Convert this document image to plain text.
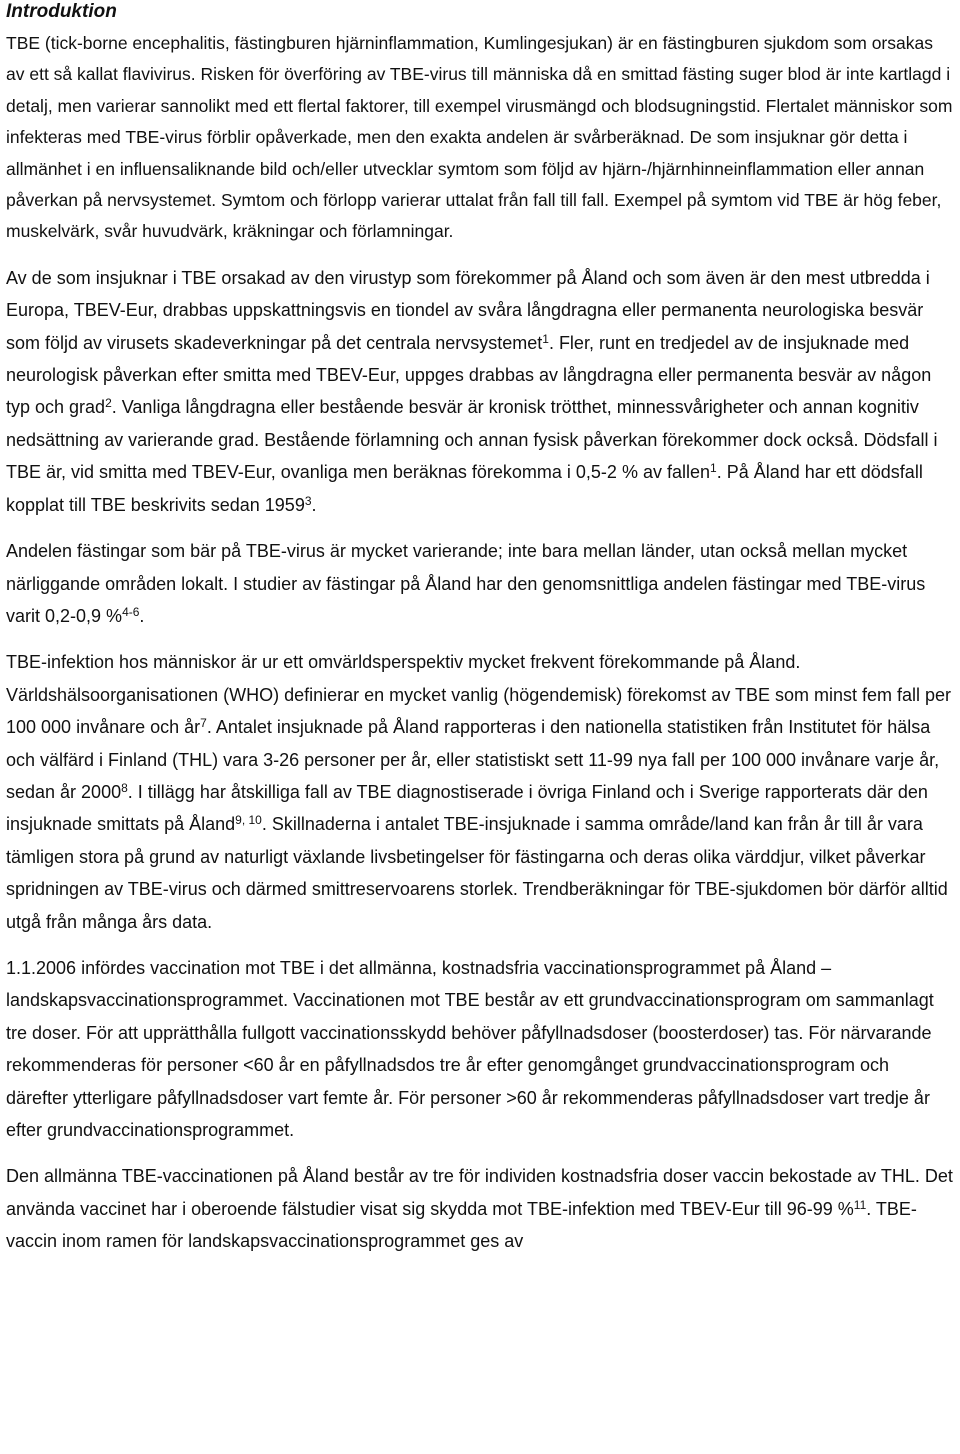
Introduktion

TBE (tick-borne encephalitis, fästingburen hjärninflammation, Kumlingesjukan) är en fästingburen sjukdom som orsakas av ett så kallat flavivirus. Risken för överföring av TBE-virus till människa då en smittad fästing suger blod är inte kartlagd i detalj, men varierar sannolikt med ett flertal faktorer, till exempel virusmängd och blodsugningstid. Flertalet människor som infekteras med TBE-virus förblir opåverkade, men den exakta andelen är svårberäknad. De som insjuknar gör detta i allmänhet i en influensaliknande bild och/eller utvecklar symtom som följd av hjärn-/hjärnhinneinflammation eller annan påverkan på nervsystemet. Symtom och förlopp varierar uttalat från fall till fall. Exempel på symtom vid TBE är hög feber, muskelvärk, svår huvudvärk, kräkningar och förlamningar.

Av de som insjuknar i TBE orsakad av den virustyp som förekommer på Åland och som även är den mest utbredda i Europa, TBEV-Eur, drabbas uppskattningsvis en tiondel av svåra långdragna eller permanenta neurologiska besvär som följd av virusets skadeverkningar på det centrala nervsystemet$^1$. Fler, runt en tredjedel av de insjuknade med neurologisk påverkan efter smitta med TBEV-Eur, uppges drabbas av långdragna eller permanenta besvär av någon typ och grad$^2$. Vanliga långdragna eller bestående besvär är kronisk trötthet, minnessvårigheter och annan kognitiv nedsättning av varierande grad. Bestående förlamning och annan fysisk påverkan förekommer dock också. Dödsfall i TBE är, vid smitta med TBEV-Eur, ovanliga men beräknas förekomma i 0,5-2 % av fallen$^1$. På Åland har ett dödsfall kopplat till TBE beskrivits sedan 1959$^3$.

Andelen fästingar som bär på TBE-virus är mycket varierande; inte bara mellan länder, utan också mellan mycket närliggande områden lokalt. I studier av fästingar på Åland har den genomsnittliga andelen fästingar med TBE-virus varit 0,2-0,9 %$^{4-6}$.

TBE-infektion hos människor är ur ett omvärldsperspektiv mycket frekvent förekommande på Åland. Världshälsoorganisationen (WHO) definierar en mycket vanlig (högendemisk) förekomst av TBE som minst fem fall per 100 000 invånare och $år^7$. Antalet insjuknade på Åland rapporteras i den nationella statistiken från Institutet för hälsa och välfärd i Finland (THL) vara 3-26 personer per år, eller statistiskt sett 11-99 nya fall per 100 000 invånare varje år, sedan år 2000$^8$. I tillägg har åtskilliga fall av TBE diagnostiserade i övriga Finland och i Sverige rapporterats där den insjuknade smittats på Åland$^{9, 10}$. Skillnaderna i antalet TBE-insjuknade i samma område/land kan från år till år vara tämligen stora på grund av naturligt växlande livsbetingelser för fästingarna och deras olika värddjur, vilket påverkar spridningen av TBE-virus och därmed smittreservoarens storlek. Trendberäkningar för TBE-sjukdomen bör därför alltid utgå från många års data.

1.1.2006 infördes vaccination mot TBE i det allmänna, kostnadsfria vaccinationsprogrammet på Åland – landskapsvaccinationsprogrammet. Vaccinationen mot TBE består av ett grundvaccinationsprogram om sammanlagt tre doser. För att upprätthålla fullgott vaccinationsskydd behöver påfyllnadsdoser (boosterdoser) tas. För närvarande rekommenderas för personer <60 år en påfyllnadsdos tre år efter genomgånget grundvaccinationsprogram och därefter ytterligare påfyllnadsdoser vart femte år. För personer >60 år rekommenderas påfyllnadsdoser vart tredje år efter grundvaccinationsprogrammet.

Den allmänna TBE-vaccinationen på Åland består av tre för individen kostnadsfria doser vaccin bekostade av THL. Det använda vaccinet har i oberoende fälstudier visat sig skydda mot TBE-infektion med TBEV-Eur till 96-99 %$^{11}$. TBE-vaccin inom ramen för landskapsvaccinationsprogrammet ges av
